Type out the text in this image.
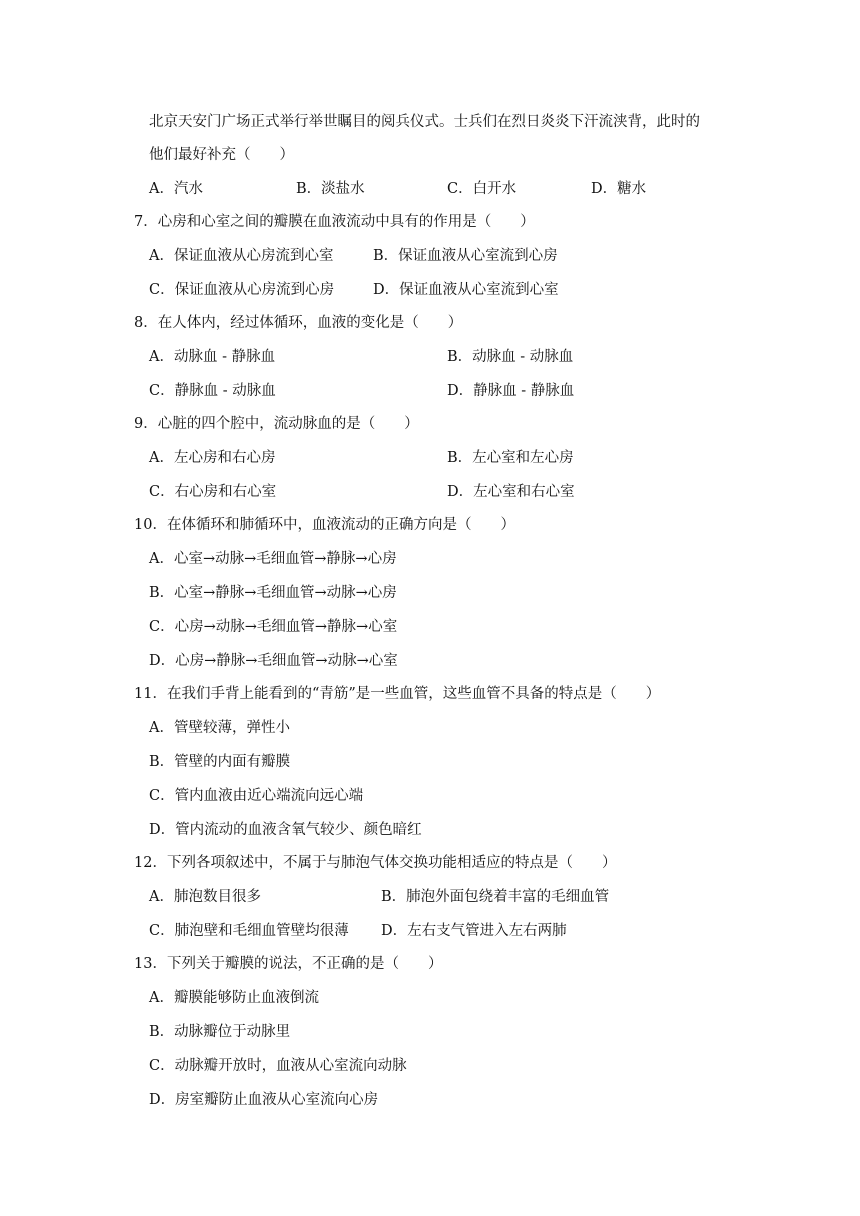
北京天安门广场正式举行举世瞩目的阅兵仪式。士兵们在烈日炎炎下汗流浃背，此时的
他们最好补充（　　）
A．汽水	B．淡盐水	C．白开水	D．糖水
7．心房和心室之间的瓣膜在血液流动中具有的作用是（　　）
A．保证血液从心房流到心室	B．保证血液从心室流到心房
C．保证血液从心房流到心房	D．保证血液从心室流到心室
8．在人体内，经过体循环，血液的变化是（　　）
A．动脉血 - 静脉血	B．动脉血 - 动脉血
C．静脉血 - 动脉血	D．静脉血 - 静脉血
9．心脏的四个腔中，流动脉血的是（　　）
A．左心房和右心房	B．左心室和左心房
C．右心房和右心室	D．左心室和右心室
10．在体循环和肺循环中，血液流动的正确方向是（　　）
A．心室→动脉→毛细血管→静脉→心房
B．心室→静脉→毛细血管→动脉→心房
C．心房→动脉→毛细血管→静脉→心室
D．心房→静脉→毛细血管→动脉→心室
11．在我们手背上能看到的“青筋”是一些血管，这些血管不具备的特点是（　　）
A．管壁较薄，弹性小
B．管壁的内面有瓣膜
C．管内血液由近心端流向远心端
D．管内流动的血液含氧气较少、颜色暗红
12．下列各项叙述中，不属于与肺泡气体交换功能相适应的特点是（　　）
A．肺泡数目很多	B．肺泡外面包绕着丰富的毛细血管
C．肺泡壁和毛细血管壁均很薄 D．左右支气管进入左右两肺
13．下列关于瓣膜的说法，不正确的是（　　）
A．瓣膜能够防止血液倒流
B．动脉瓣位于动脉里
C．动脉瓣开放时，血液从心室流向动脉
D．房室瓣防止血液从心室流向心房
